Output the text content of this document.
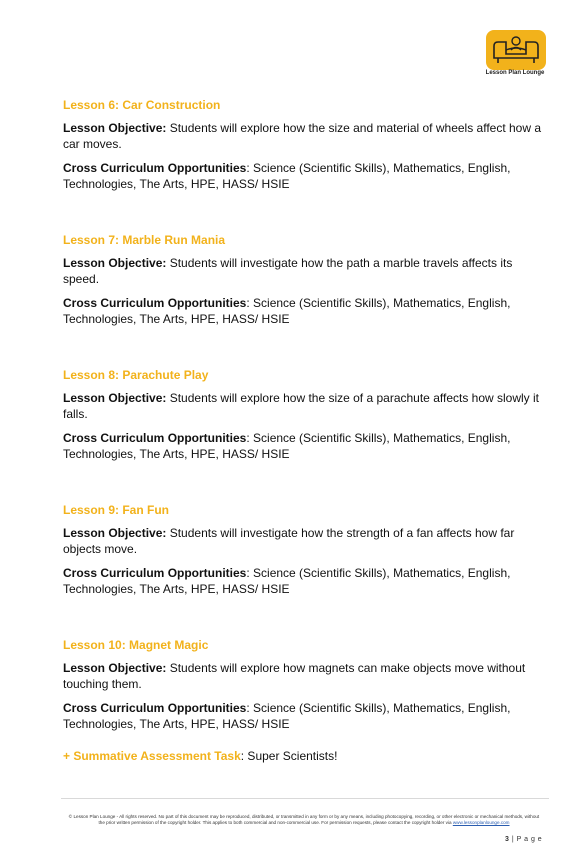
Lesson Plan Lounge
Lesson 6: Car Construction

Lesson Objective: Students will explore how the size and material of wheels affect how a car moves.

Cross Curriculum Opportunities: Science (Scientific Skills), Mathematics, English, Technologies, The Arts, HPE, HASS/ HSIE

Lesson 7: Marble Run Mania

Lesson Objective: Students will investigate how the path a marble travels affects its speed.

Cross Curriculum Opportunities: Science (Scientific Skills), Mathematics, English, Technologies, The Arts, HPE, HASS/ HSIE

Lesson 8: Parachute Play

Lesson Objective: Students will explore how the size of a parachute affects how slowly it falls.

Cross Curriculum Opportunities: Science (Scientific Skills), Mathematics, English, Technologies, The Arts, HPE, HASS/ HSIE

Lesson 9: Fan Fun

Lesson Objective: Students will investigate how the strength of a fan affects how far objects move.

Cross Curriculum Opportunities: Science (Scientific Skills), Mathematics, English, Technologies, The Arts, HPE, HASS/ HSIE

Lesson 10: Magnet Magic

Lesson Objective: Students will explore how magnets can make objects move without touching them.

Cross Curriculum Opportunities: Science (Scientific Skills), Mathematics, English, Technologies, The Arts, HPE, HASS/ HSIE

+ Summative Assessment Task: Super Scientists!
© Lesson Plan Lounge - All rights reserved. No part of this document may be reproduced, distributed, or transmitted in any form or by any means, including photocopying, recording, or other electronic or mechanical methods, without the prior written permission of the copyright holder. This applies to both commercial and non-commercial use. For permission requests, please contact the copyright holder via www.lessonplanlounge.com
3 | P a g e
